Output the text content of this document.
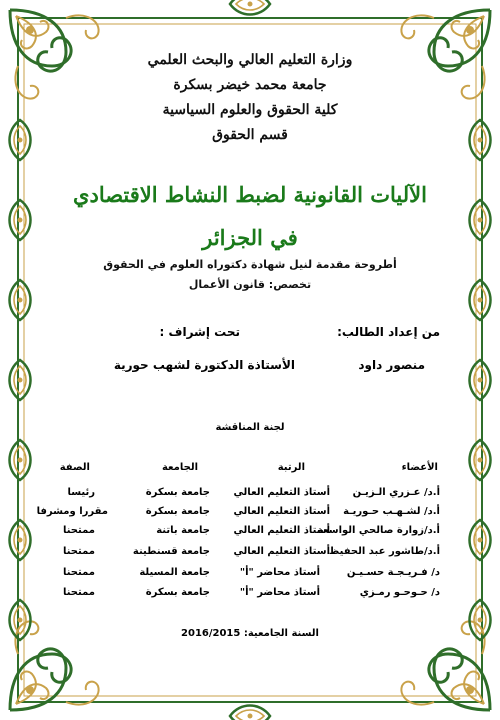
وزارة التعليم العالي والبحث العلمي
جامعة محمد خيضر بسكرة
كلية الحقوق والعلوم السياسية
قسم الحقوق
الآليات القانونية لضبط النشاط الاقتصادي
في الجزائر
أطروحة مقدمة لنيل شهادة دكتوراه العلوم في الحقوق
تخصص: قانون الأعمال
من إعداد الطالب:
تحت إشراف :
منصور داود
الأستاذة الدكتورة لشهب حورية
لجنة المناقشة
الأعضاء
الرتبة
الجامعة
الصفة
أ.د/ عـزري الـزيـن
أستاذ التعليم العالي
جامعة بسكرة
رئيسا
أ.د/ لشـهـب حـوريـة
أستاذ التعليم العالي
جامعة بسكرة
مقررا ومشرفا
أ.د/زوارة صالحي الواسعة
أستاذ التعليم العالي
جامعة باتنة
ممتحنا
أ.د/طاشور عبد الحفيظ
أستاذ التعليم العالي
جامعة قسنطينة
ممتحنا
د/ فـريـجـة حسـيـن
أستاذ محاضر "أ"
جامعة المسيلة
ممتحنا
د/ حـوحـو رمـزي
أستاذ محاضر "أ"
جامعة بسكرة
ممتحنا
السنة الجامعية: 2016/2015
